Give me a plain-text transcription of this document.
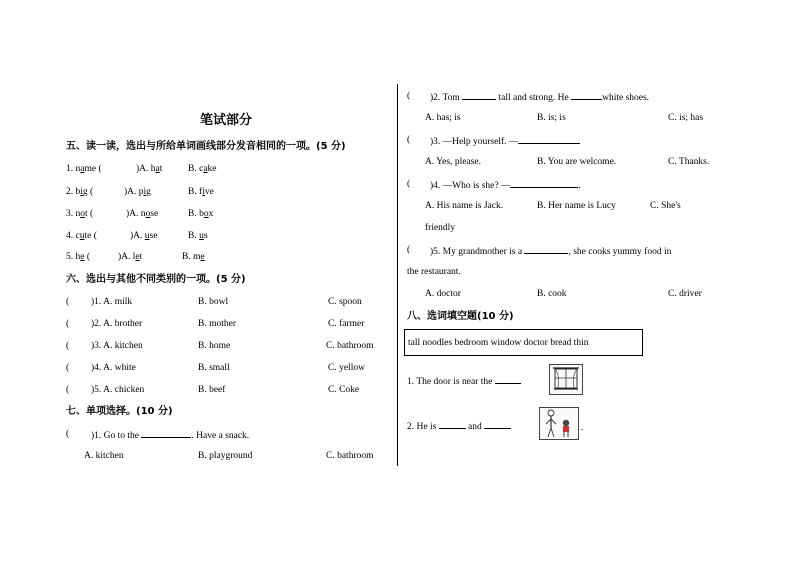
笔试部分
五、读一读，选出与所给单词画线部分发音相同的一项。(5 分)
1. name (	)A. hat	B. cake
2. big (	)A. pig	B. five
3. not (	)A. nose	B. box
4. cute (	)A. use	B. us
5. he (	)A. let	B. me
六、选出与其他不同类别的一项。(5 分)
( )1. A. milk	B. bowl	C. spoon
( )2. A. brother	B. mother	C. farmer
( )3. A. kitchen	B. home	C. bathroom
( )4. A. white	B. small	C. yellow
( )5. A. chicken	B. beef	C. Coke
七、单项选择。(10 分)
( )1. Go to the	. Have a snack.
A. kitchen	B. playground	C. bathroom
( )2. Tom	tall and strong. He	white shoes.
A. has; is	B. is; is	C. is; has
( )3. —Help yourself. —
A. Yes, please.	B. You are welcome.	C. Thanks.
( )4. —Who is she? —	.
A. His name is Jack.	B. Her name is Lucy	C. She's
friendly
( )5. My grandmother is a	, she cooks yummy food in
the restaurant.
A. doctor	B. cook	C. driver
八、选词填空题(10 分)
tall noodles bedroom window doctor bread thin
1. The door is near the
2. He is	and	.
